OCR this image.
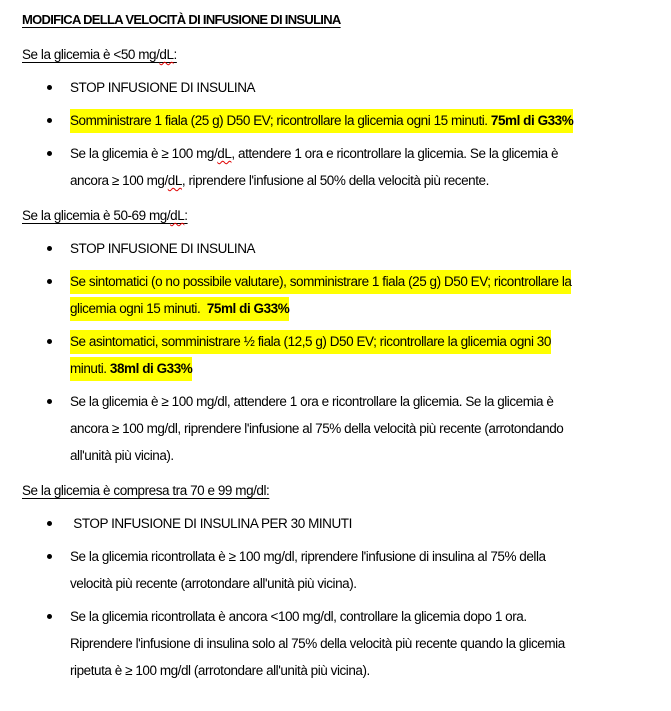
MODIFICA DELLA VELOCITÀ DI INFUSIONE DI INSULINA
Se la glicemia è <50 mg/dL:
STOP INFUSIONE DI INSULINA
Somministrare 1 fiala (25 g) D50 EV; ricontrollare la glicemia ogni 15 minuti. 75ml di G33%
Se la glicemia è ≥ 100 mg/dL, attendere 1 ora e ricontrollare la glicemia. Se la glicemia è
ancora ≥ 100 mg/dL, riprendere l'infusione al 50% della velocità più recente.
Se la glicemia è 50-69 mg/dL:
STOP INFUSIONE DI INSULINA
Se sintomatici (o no possibile valutare), somministrare 1 fiala (25 g) D50 EV; ricontrollare la
glicemia ogni 15 minuti.  75ml di G33%
Se asintomatici, somministrare ½ fiala (12,5 g) D50 EV; ricontrollare la glicemia ogni 30
minuti. 38ml di G33%
Se la glicemia è ≥ 100 mg/dl, attendere 1 ora e ricontrollare la glicemia. Se la glicemia è
ancora ≥ 100 mg/dl, riprendere l'infusione al 75% della velocità più recente (arrotondando
all'unità più vicina).
Se la glicemia è compresa tra 70 e 99 mg/dl:
STOP INFUSIONE DI INSULINA PER 30 MINUTI
Se la glicemia ricontrollata è ≥ 100 mg/dl, riprendere l'infusione di insulina al 75% della
velocità più recente (arrotondare all'unità più vicina).
Se la glicemia ricontrollata è ancora <100 mg/dl, controllare la glicemia dopo 1 ora.
Riprendere l'infusione di insulina solo al 75% della velocità più recente quando la glicemia
ripetuta è ≥ 100 mg/dl (arrotondare all'unità più vicina).
